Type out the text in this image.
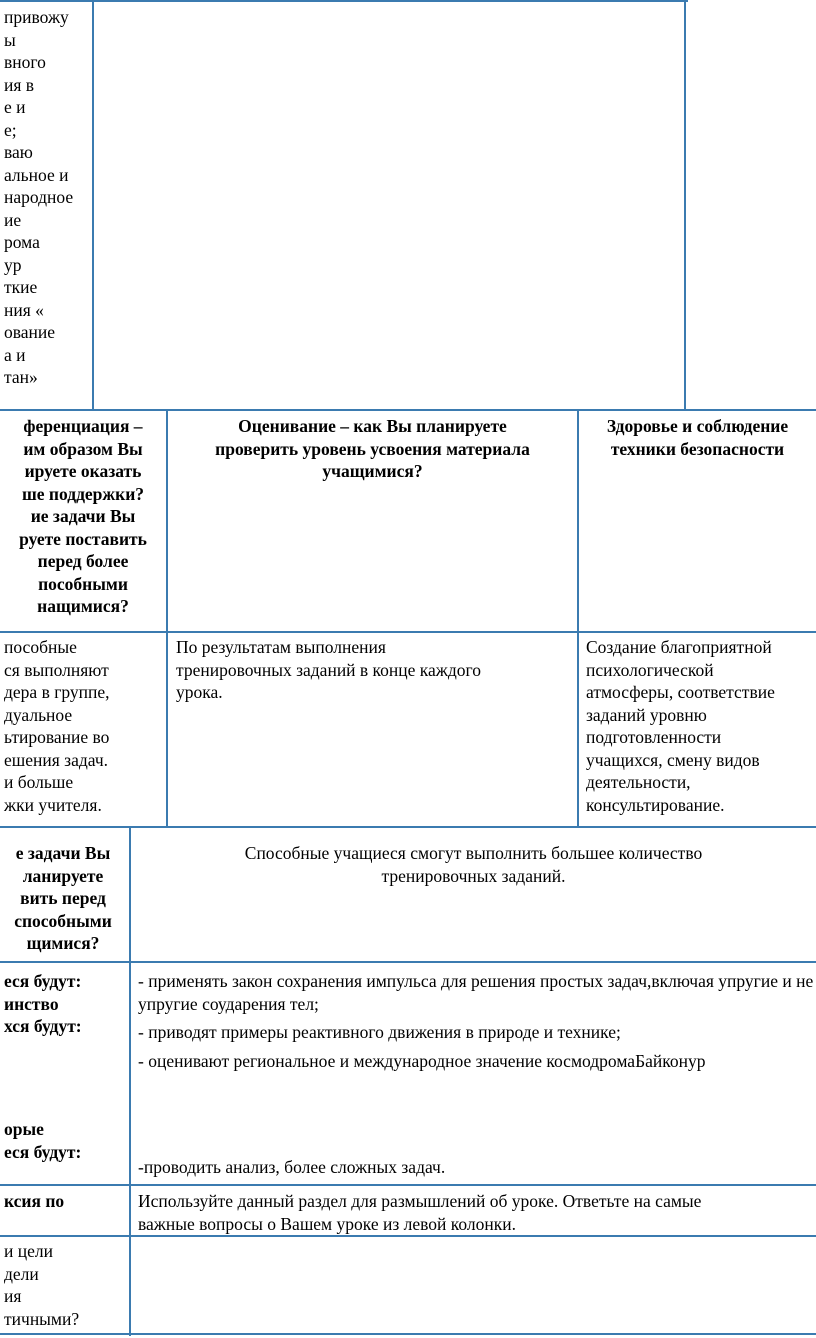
привожу
ы
вного
ия в
е и
е;
ваю
альное и
народное
ие
рома
ур
ткие
ния «
ование
а и
тан»
ференциация –
им образом Вы
ируете оказать
ше поддержки?
ие задачи Вы
руете поставить
перед более
пособными
нащимися?
Оценивание – как Вы планируете
проверить уровень усвоения материала
учащимися?
Здоровье и соблюдение
техники безопасности
пособные
ся выполняют
дера в группе,
дуальное
ьтирование во
ешения задач.
и больше
жки учителя.
По результатам выполнения
тренировочных заданий в конце каждого
урока.
Создание благоприятной
психологической
атмосферы, соответствие
заданий уровню
подготовленности
учащихся, смену видов
деятельности,
консультирование.
е задачи Вы
ланируете
вить перед
способными
щимися?
Способные учащиеся смогут выполнить большее количество
тренировочных заданий.
еся будут:
инство
хся будут:
орые
еся будут:

- применять закон сохранения импульса для решения простых задач,включая упругие и не упругие соударения тел;

- приводят примеры реактивного движения в природе и технике;

- оценивают региональное и международное значение космодромаБайконур

-проводить анализ, более сложных задач.
ксия по	Используйте данный раздел для размышлений об уроке. Ответьте на самые
важные вопросы о Вашем уроке из левой колонки.
и цели
дели
ия
тичными?
